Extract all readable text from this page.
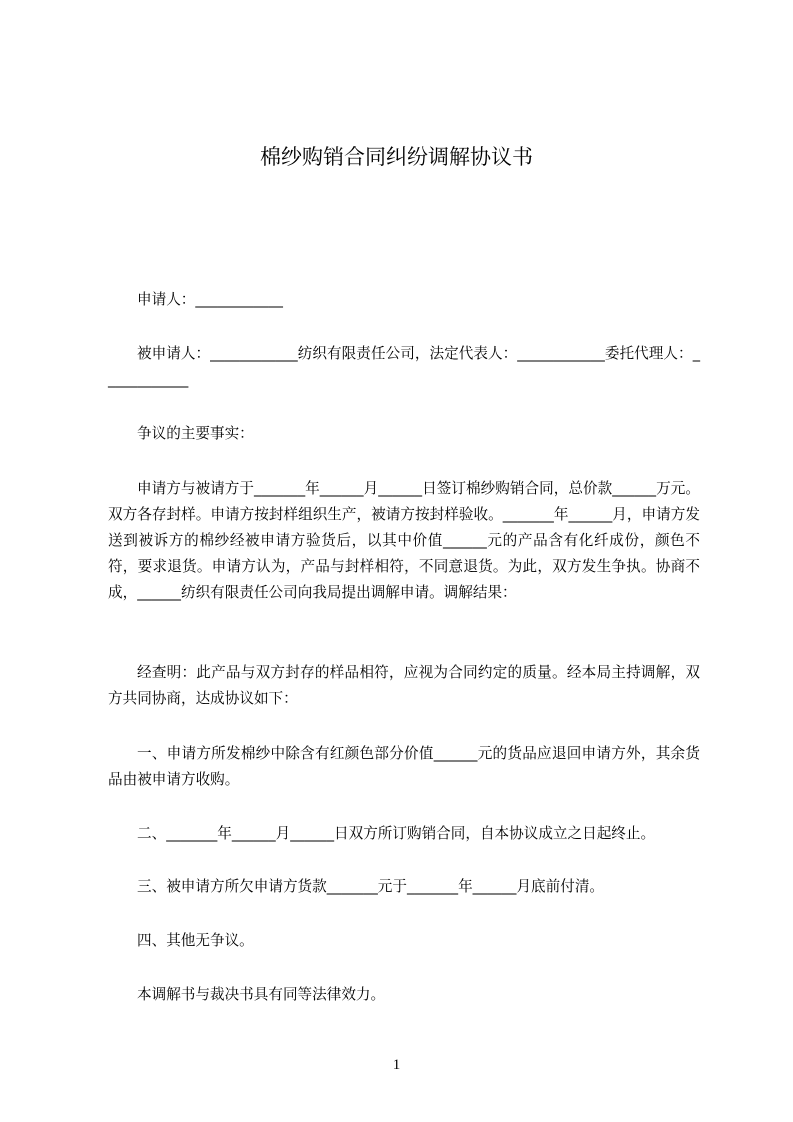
棉纱购销合同纠纷调解协议书
申请人：____________
被申请人：____________纺织有限责任公司，法定代表人：____________委托代理人：____________
争议的主要事实：
申请方与被请方于_______年______月______日签订棉纱购销合同，总价款______万元。双方各存封样。申请方按封样组织生产，被请方按封样验收。_______年______月，申请方发送到被诉方的棉纱经被申请方验货后，以其中价值______元的产品含有化纤成份，颜色不符，要求退货。申请方认为，产品与封样相符，不同意退货。为此，双方发生争执。协商不成，______纺织有限责任公司向我局提出调解申请。调解结果：
经查明：此产品与双方封存的样品相符，应视为合同约定的质量。经本局主持调解，双方共同协商，达成协议如下：
一、申请方所发棉纱中除含有红颜色部分价值______元的货品应退回申请方外，其余货品由被申请方收购。
二、_______年______月______日双方所订购销合同，自本协议成立之日起终止。
三、被申请方所欠申请方货款_______元于_______年______月底前付清。
四、其他无争议。
本调解书与裁决书具有同等法律效力。
1
